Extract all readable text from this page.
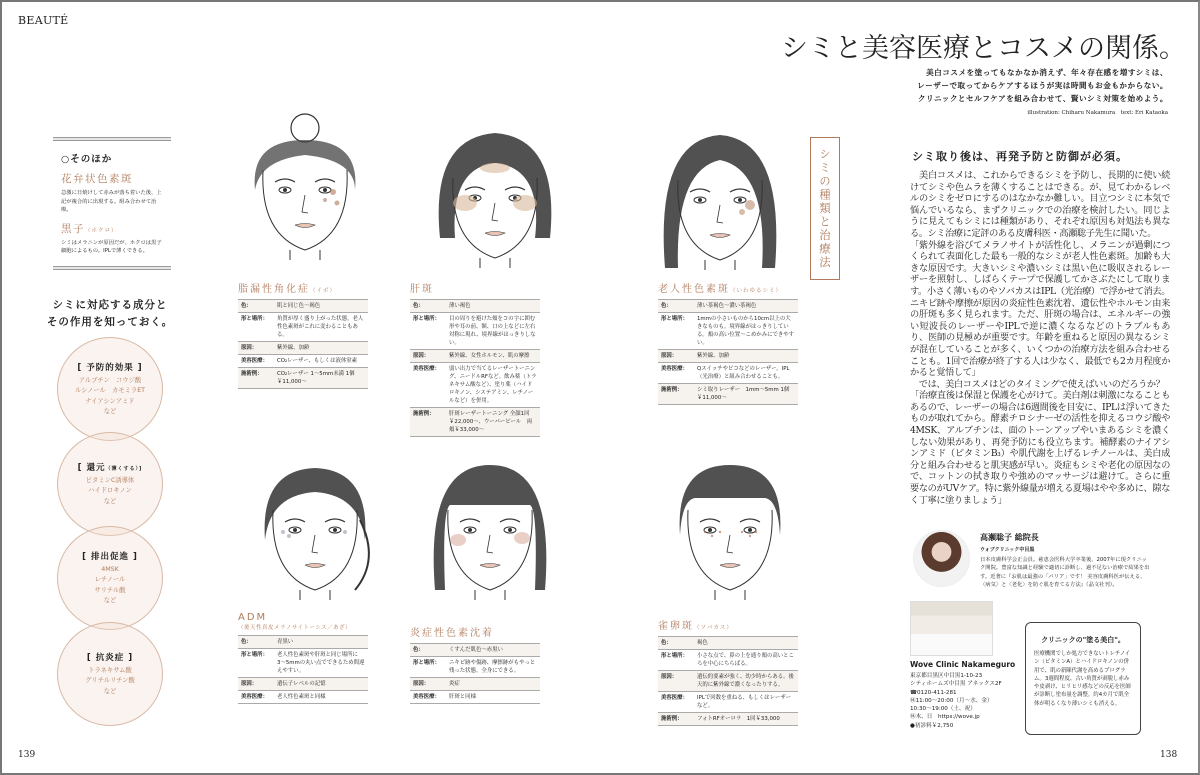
BEAUTÉ
139	138
○そのほか
花弁状色素斑

急激に日焼けして赤みが落ち着いた後、上記が複合的に出現する。組み合わせて治療。

黒子（ホクロ）

シミはメラニンが原因だが、ホクロは黒子細胞によるもの。IPLで薄くできる。

シミに対応する成分と
その作用を知っておく。
[ 予防的効果 ]
アルブチン　コウジ酸
ルシノール　カモミラET
ナイアシンアミド
など
[ 還元（薄くする）]
ビタミンC誘導体
ハイドロキノン
など
[ 排出促進 ]
4MSK
レチノール
サリチル酸
など
[ 抗炎症 ]
トラネキサム酸
グリチルリチン酸
など
脂漏性角化症（イボ）
色：	肌と同じ色〜褐色
形と場所：	角質が厚く盛り上がった状態。老人性色素斑がこれに変わることもある。
原因：	紫外線、加齢
美容医療：	CO₂レーザー、もしくは液体窒素
施術例：	CO₂レーザー 1〜5mm未満 1個￥11,000〜
肝斑
色：	薄い褐色
形と場所：	目の周りを避けた頬をコの字に囲む形や耳の前、額、口の上などに左右対称に現れ、境界線がはっきりしない。
原因：	紫外線、女性ホルモン、肌の摩擦
美容医療：	弱い出力で当てるレーザートーニング、ニードルRFなど。飲み薬（トラネキサム酸など）、塗り薬（ハイドロキノン、システアミン、レチノールなど）を併用。
施術例：	肝斑レーザートーニング 全顔1回￥22,000〜、ウーバーピール　両頬￥33,000〜
老人性色素斑（いわゆるシミ）
色：	薄い茶褐色〜濃い茶褐色
形と場所：	1mmの小さいものから10cm以上の大きなものも。境界線がはっきりしている。頬の高い位置〜こめかみにできやすい。
原因：	紫外線、加齢
美容医療：	Qスイッチやピコなどのレーザー。IPL（光治療）と組み合わせることも。
施術例：	シミ取りレーザー　1mm〜5mm 1個￥11,000〜
ADM
（後天性真皮メラノサイトーシス／あざ）
色：	青黒い
形と場所：	老人性色素斑や肝斑と同じ場所に3〜5mmの丸い点でできるため間違えやすい。
原因：	遺伝子レベルの記憶
美容医療：	老人性色素斑と同様
炎症性色素沈着
色：	くすんだ肌色〜赤黒い
形と場所：	ニキビ跡や傷跡、摩擦跡がもやっと残った状態。全身にできる。
原因：	炎症
美容医療：	肝斑と同様
雀卵斑（ソバカス）
色：	褐色
形と場所：	小さな点で、鼻の上を通り頬の高いところを中心にちらばる。
原因：	遺伝的要素が強く、幼少時からある。後天的に紫外線で濃くなったりする。
美容医療：	IPLで回数を重ねる、もしくはレーザーなど。
施術例：	フォトRFオーロラ　1回￥33,000
シミと美容医療とコスメの関係。
美白コスメを塗ってもなかなか消えず、年々存在感を増すシミは、
レーザーで取ってからケアするほうが実は時間もお金もかからない。
クリニックとセルフケアを組み合わせて、賢いシミ対策を始めよう。
illustration: Chiharu Nakamura　text: Eri Kataoka
シミの種類と治療法	シミ取り後は、再発予防と防御が必須。

　美白コスメは、これからできるシミを予防し、長期的に使い続けてシミや色ムラを薄くすることはできる。が、見てわかるレベルのシミをゼロにするのはなかなか難しい。目立つシミに本気で悩んでいるなら、まずクリニックでの治療を検討したい。同じように見えてもシミには種類があり、それぞれ原因も対処法も異なる。シミ治療に定評のある皮膚科医・高瀬聡子先生に聞いた。

「紫外線を浴びてメラノサイトが活性化し、メラニンが過剰につくられて表面化した最も一般的なシミが老人性色素斑。加齢も大きな原因です。大きいシミや濃いシミは黒い色に吸収されるレーザーを照射し、しばらくテープで保護してかさぶたにして取ります。小さく薄いものやソバカスはIPL（光治療）で浮かせて消去。ニキビ跡や摩擦が原因の炎症性色素沈着、遺伝性やホルモン由来の肝斑も多く見られます。ただ、肝斑の場合は、エネルギーの強い短波長のレーザーやIPLで逆に濃くなるなどのトラブルもあり、医師の見極めが重要です。年齢を重ねると原因の異なるシミが混在していることが多く、いくつかの治療方法を組み合わせることも。1回で治療が終了する人は少なく、最低でも2カ月程度かかると覚悟して」

　では、美白コスメはどのタイミングで使えばいいのだろうか？

「治療直後は保湿と保護を心がけて。美白剤は刺激になることもあるので、レーザーの場合は6週間後を目安に、IPLは浮いてきたものが取れてから。酵素チロシナーゼの活性を抑えるコウジ酸や4MSK、アルブチンは、面のトーンアップやいまあるシミを濃くしない効果があり、再発予防にも役立ちます。補酵素のナイアシンアミド（ビタミンB₃）や肌代謝を上げるレチノールは、美白成分と組み合わせると肌実感が早い。炎症もシミや老化の原因なので、コットンの拭き取りや強めのマッサージは避けて。さらに重要なのがUVケア。特に紫外線量が増える夏場はやや多めに、隙なく丁寧に塗りましょう」

高瀬聡子 総院長
ウォブクリニック中目黒
日本皮膚科学会正会員。慈恵会医科大学卒業後、2007年に現クリニック開院。豊富な知識と経験で適切に診断し、過不足ない治療で結果を出す。近著に『お肌は最強の「バリア」です！ 美容皮膚科医が伝える、〈病気〉と〈老化〉を防ぐ肌を育てる方法』（晶文社刊）。
Wove Clinic Nakameguro
東京都目黒区中目黒1-10-23
シティホームズ中目黒 アネックス2F
☎0120-411-281
㊡11:00〜20:00（月〜水、金）
10:30〜19:00（土、祝）
㊡木、日　https://wove.jp
●初診料￥2,750
クリニックの"塗る美白"。
医療機関でしか処方できないトレチノイン（ビタミンA）とハイドロキノンの併用で、肌の新陳代謝を高めるプログラム。3週間程度、古い角質が剥脱し赤みや皮剥け、ヒリヒリ感などの反応を医師が診断し塗布量を調整。約4カ月で肌全体が明るくなり薄いシミも消える。
